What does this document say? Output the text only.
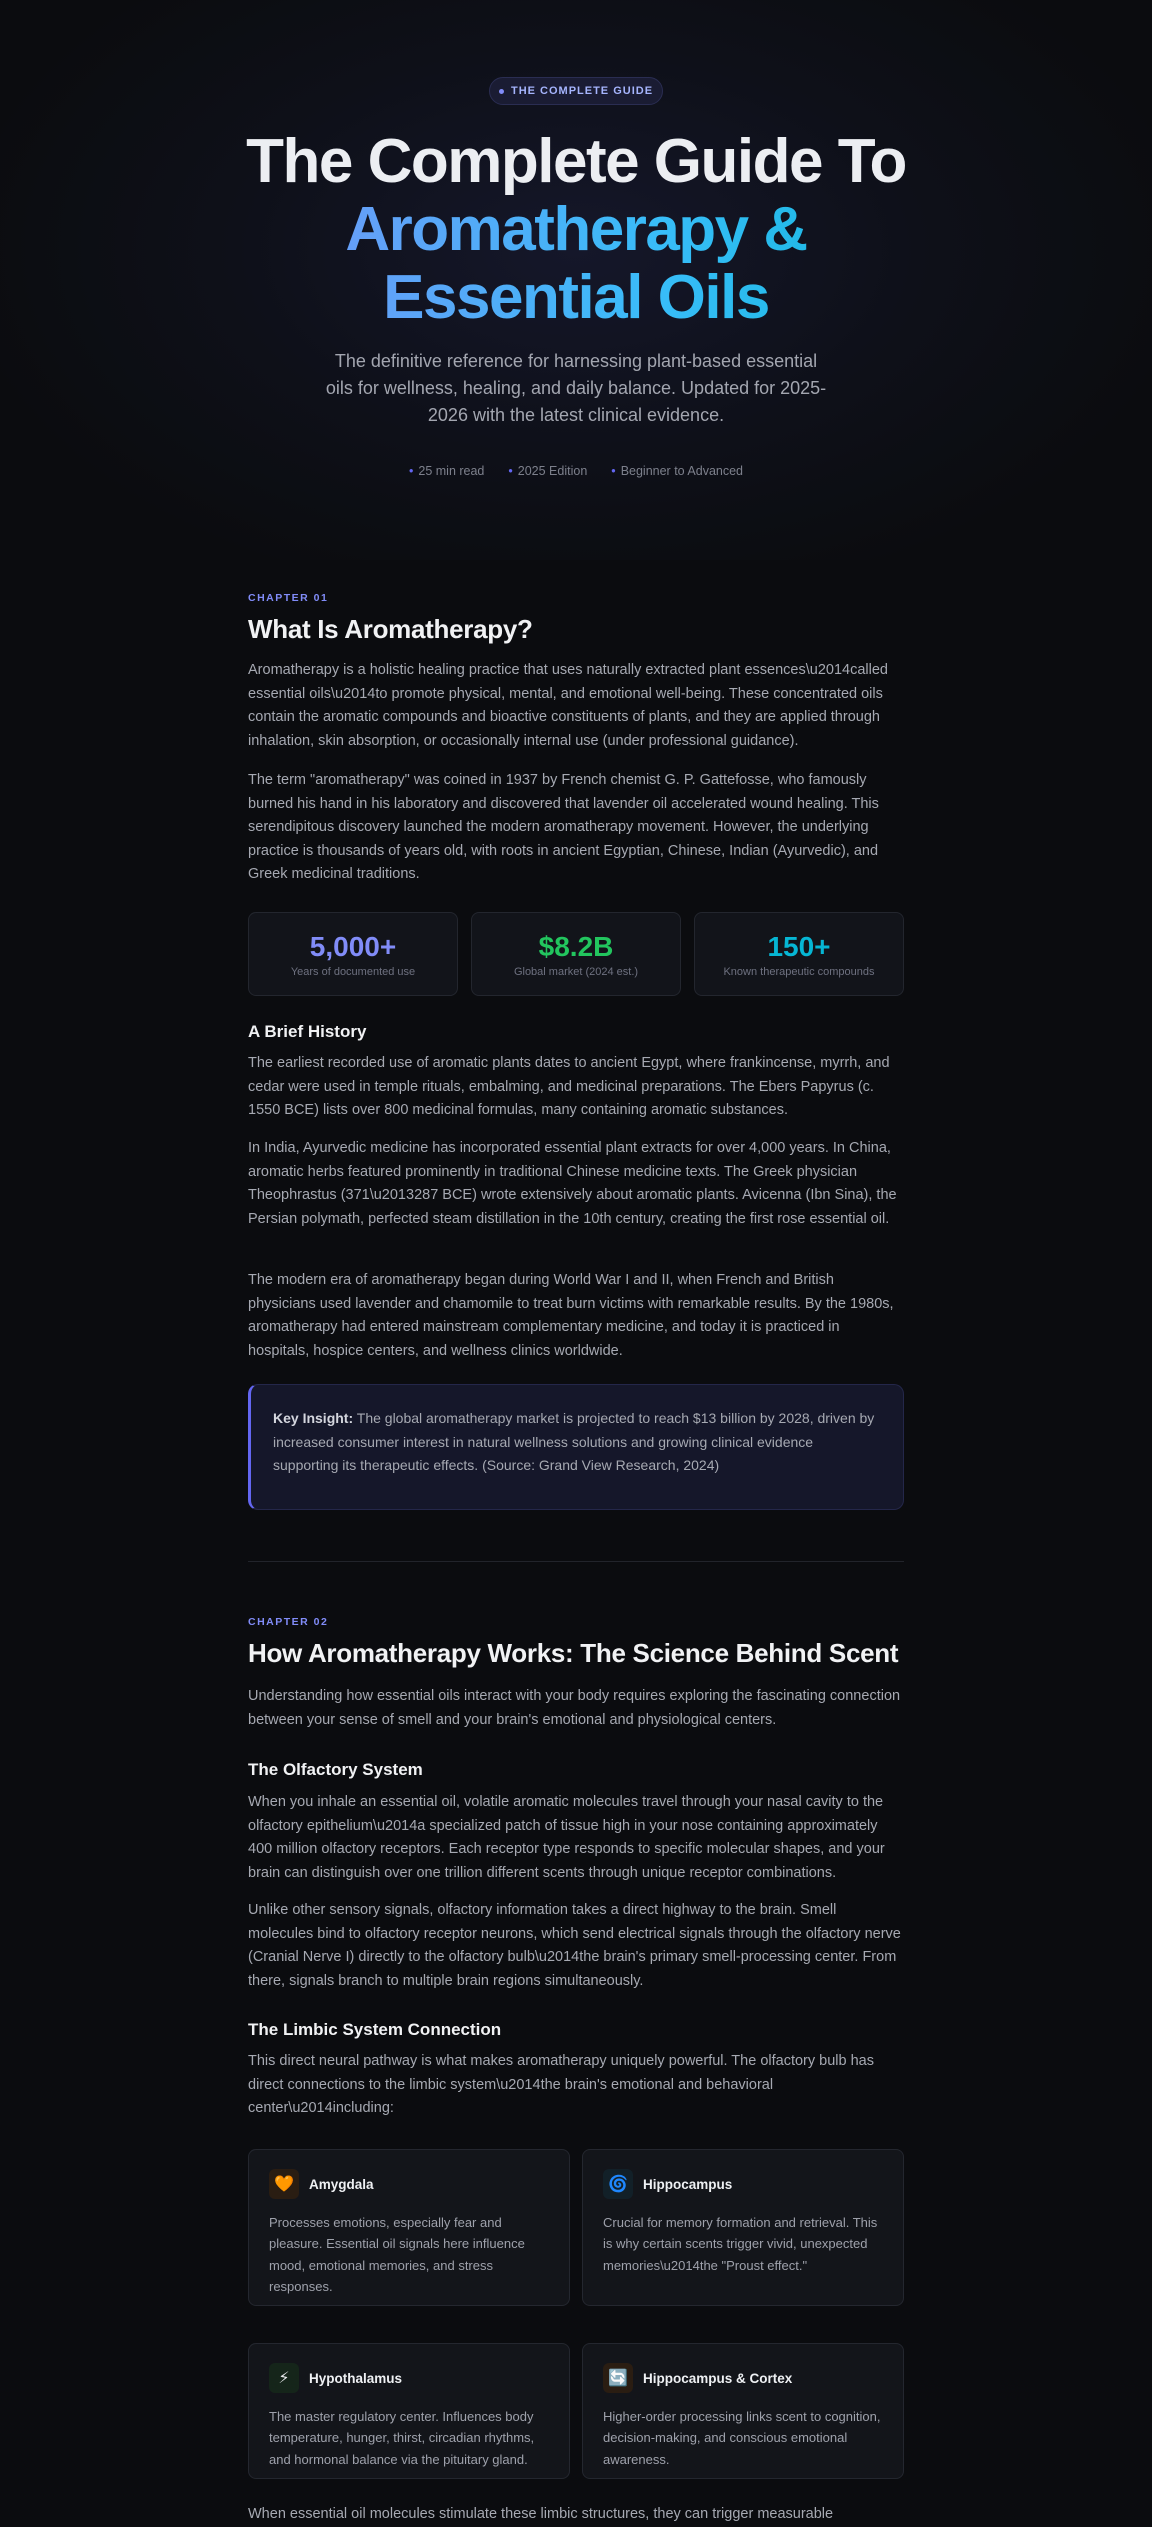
THE COMPLETE GUIDE
The Complete Guide To
Aromatherapy &
Essential Oils

The definitive reference for harnessing plant-based essential oils for wellness, healing, and daily balance. Updated for 2025-2026 with the latest clinical evidence.

• 25 min read	• 2025 Edition	• Beginner to Advanced

CHAPTER 01

What Is Aromatherapy?

Aromatherapy is a holistic healing practice that uses naturally extracted plant essences\u2014called essential oils\u2014to promote physical, mental, and emotional well-being. These concentrated oils contain the aromatic compounds and bioactive constituents of plants, and they are applied through inhalation, skin absorption, or occasionally internal use (under professional guidance).

The term "aromatherapy" was coined in 1937 by French chemist G. P. Gattefosse, who famously burned his hand in his laboratory and discovered that lavender oil accelerated wound healing. This serendipitous discovery launched the modern aromatherapy movement. However, the underlying practice is thousands of years old, with roots in ancient Egyptian, Chinese, Indian (Ayurvedic), and Greek medicinal traditions.

5,000+
Years of documented use
$8.2B
Global market (2024 est.)
150+
Known therapeutic compounds
A Brief History

The earliest recorded use of aromatic plants dates to ancient Egypt, where frankincense, myrrh, and cedar were used in temple rituals, embalming, and medicinal preparations. The Ebers Papyrus (c. 1550 BCE) lists over 800 medicinal formulas, many containing aromatic substances.

In India, Ayurvedic medicine has incorporated essential plant extracts for over 4,000 years. In China, aromatic herbs featured prominently in traditional Chinese medicine texts. The Greek physician Theophrastus (371\u2013287 BCE) wrote extensively about aromatic plants. Avicenna (Ibn Sina), the Persian polymath, perfected steam distillation in the 10th century, creating the first rose essential oil.

The modern era of aromatherapy began during World War I and II, when French and British physicians used lavender and chamomile to treat burn victims with remarkable results. By the 1980s, aromatherapy had entered mainstream complementary medicine, and today it is practiced in hospitals, hospice centers, and wellness clinics worldwide.

Key Insight: The global aromatherapy market is projected to reach $13 billion by 2028, driven by increased consumer interest in natural wellness solutions and growing clinical evidence supporting its therapeutic effects. (Source: Grand View Research, 2024)

CHAPTER 02

How Aromatherapy Works: The Science Behind Scent

Understanding how essential oils interact with your body requires exploring the fascinating connection between your sense of smell and your brain's emotional and physiological centers.

The Olfactory System

When you inhale an essential oil, volatile aromatic molecules travel through your nasal cavity to the olfactory epithelium\u2014a specialized patch of tissue high in your nose containing approximately 400 million olfactory receptors. Each receptor type responds to specific molecular shapes, and your brain can distinguish over one trillion different scents through unique receptor combinations.

Unlike other sensory signals, olfactory information takes a direct highway to the brain. Smell molecules bind to olfactory receptor neurons, which send electrical signals through the olfactory nerve (Cranial Nerve I) directly to the olfactory bulb\u2014the brain's primary smell-processing center. From there, signals branch to multiple brain regions simultaneously.

The Limbic System Connection

This direct neural pathway is what makes aromatherapy uniquely powerful. The olfactory bulb has direct connections to the limbic system\u2014the brain's emotional and behavioral center\u2014including:

🧡	Amygdala

Processes emotions, especially fear and pleasure. Essential oil signals here influence mood, emotional memories, and stress responses.

🌀	Hippocampus

Crucial for memory formation and retrieval. This is why certain scents trigger vivid, unexpected memories\u2014the "Proust effect."

⚡	Hypothalamus

The master regulatory center. Influences body temperature, hunger, thirst, circadian rhythms, and hormonal balance via the pituitary gland.

🔄	Hippocampus & Cortex

Higher-order processing links scent to cognition, decision-making, and conscious emotional awareness.

When essential oil molecules stimulate these limbic structures, they can trigger measurable
